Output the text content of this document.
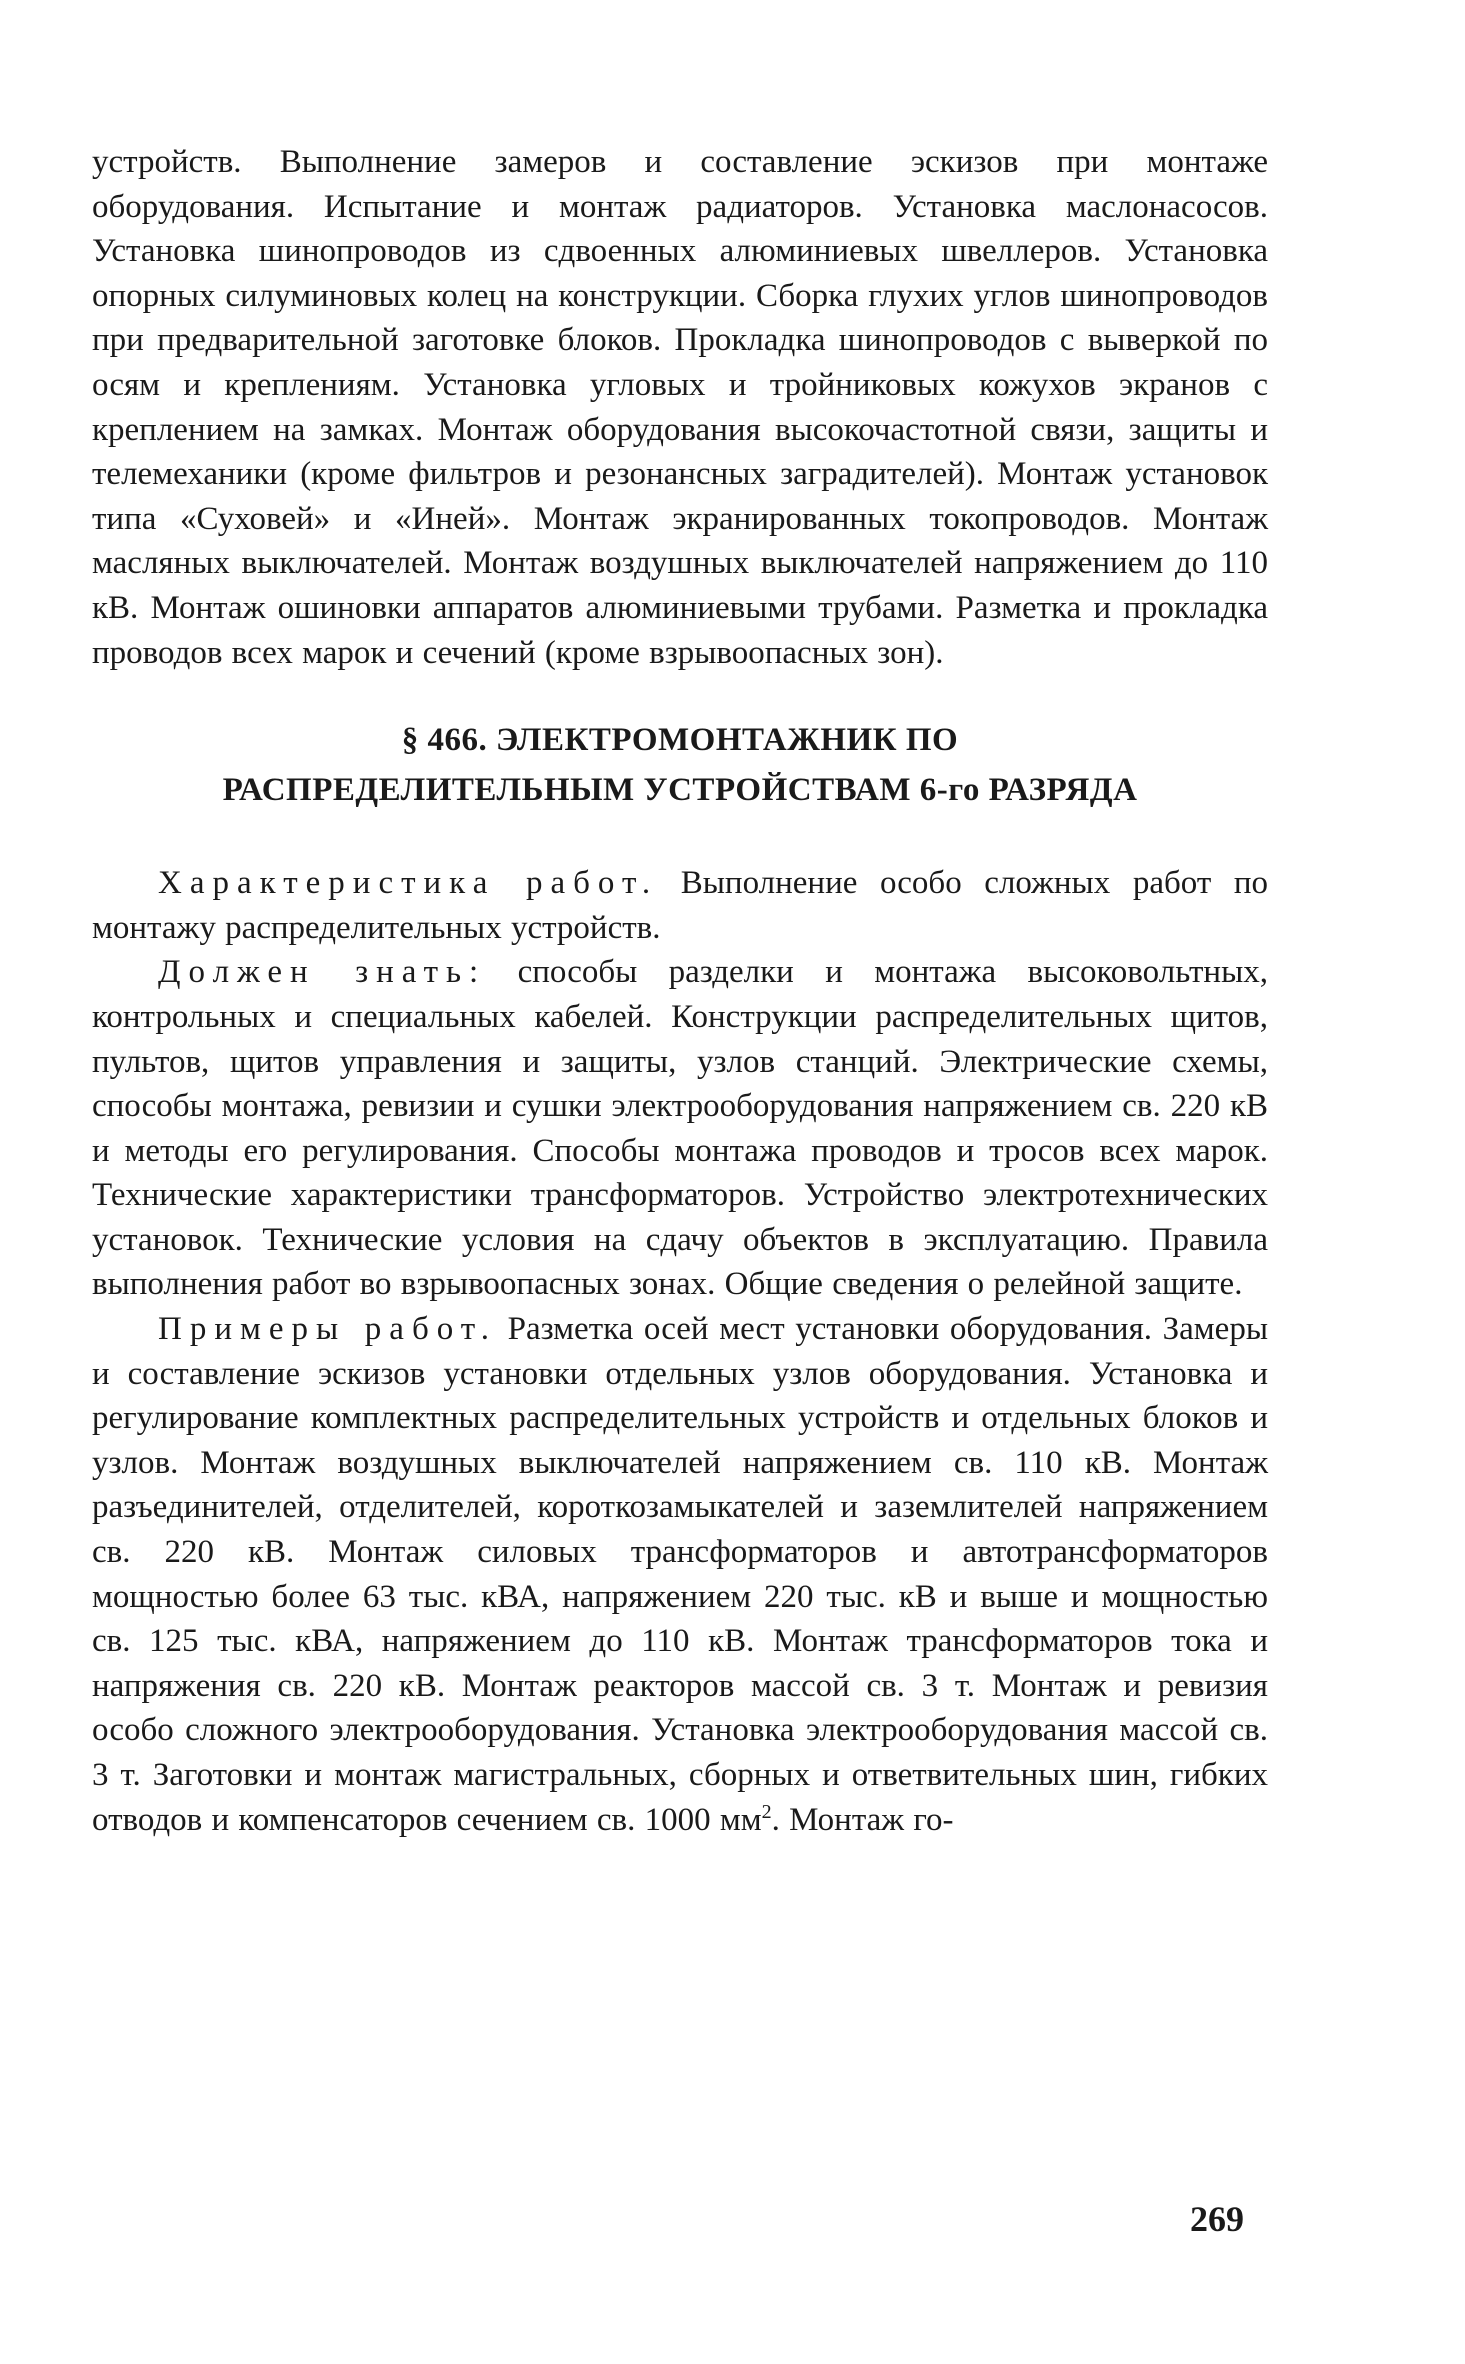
устройств. Выполнение замеров и составление эскизов при монтаже оборудования. Испытание и монтаж радиаторов. Установка маслонасосов. Установка шинопроводов из сдвоенных алюминиевых швеллеров. Установка опорных силуминовых колец на конструкции. Сборка глухих углов шинопроводов при предварительной заготовке блоков. Прокладка шинопроводов с выверкой по осям и креплениям. Установка угловых и тройниковых кожухов экранов с креплением на замках. Монтаж оборудования высокочастотной связи, защиты и телемеханики (кроме фильтров и резонансных заградителей). Монтаж установок типа «Суховей» и «Иней». Монтаж экранированных токопроводов. Монтаж масляных выключателей. Монтаж воздушных выключателей напряжением до 110 кВ. Монтаж ошиновки аппаратов алюминиевыми трубами. Разметка и прокладка проводов всех марок и сечений (кроме взрывоопасных зон).

§ 466. ЭЛЕКТРОМОНТАЖНИК ПО
РАСПРЕДЕЛИТЕЛЬНЫМ УСТРОЙСТВАМ 6-го РАЗРЯДА

Характеристика работ. Выполнение особо сложных работ по монтажу распределительных устройств.

Должен знать: способы разделки и монтажа высоковольтных, контрольных и специальных кабелей. Конструкции распределительных щитов, пультов, щитов управления и защиты, узлов станций. Электрические схемы, способы монтажа, ревизии и сушки электрооборудования напряжением св. 220 кВ и методы его регулирования. Способы монтажа проводов и тросов всех марок. Технические характеристики трансформаторов. Устройство электротехнических установок. Технические условия на сдачу объектов в эксплуатацию. Правила выполнения работ во взрывоопасных зонах. Общие сведения о релейной защите.

Примеры работ. Разметка осей мест установки оборудования. Замеры и составление эскизов установки отдельных узлов оборудования. Установка и регулирование комплектных распределительных устройств и отдельных блоков и узлов. Монтаж воздушных выключателей напряжением св. 110 кВ. Монтаж разъединителей, отделителей, короткозамыкателей и заземлителей напряжением св. 220 кВ. Монтаж силовых трансформаторов и автотрансформаторов мощностью более 63 тыс. кВА, напряжением 220 тыс. кВ и выше и мощностью св. 125 тыс. кВА, напряжением до 110 кВ. Монтаж трансформаторов тока и напряжения св. 220 кВ. Монтаж реакторов массой св. 3 т. Монтаж и ревизия особо сложного электрооборудования. Установка электрооборудования массой св. 3 т. Заготовки и монтаж магистральных, сборных и ответвительных шин, гибких отводов и компенсаторов сечением св. 1000 $мм^2$. Монтаж го-

269
